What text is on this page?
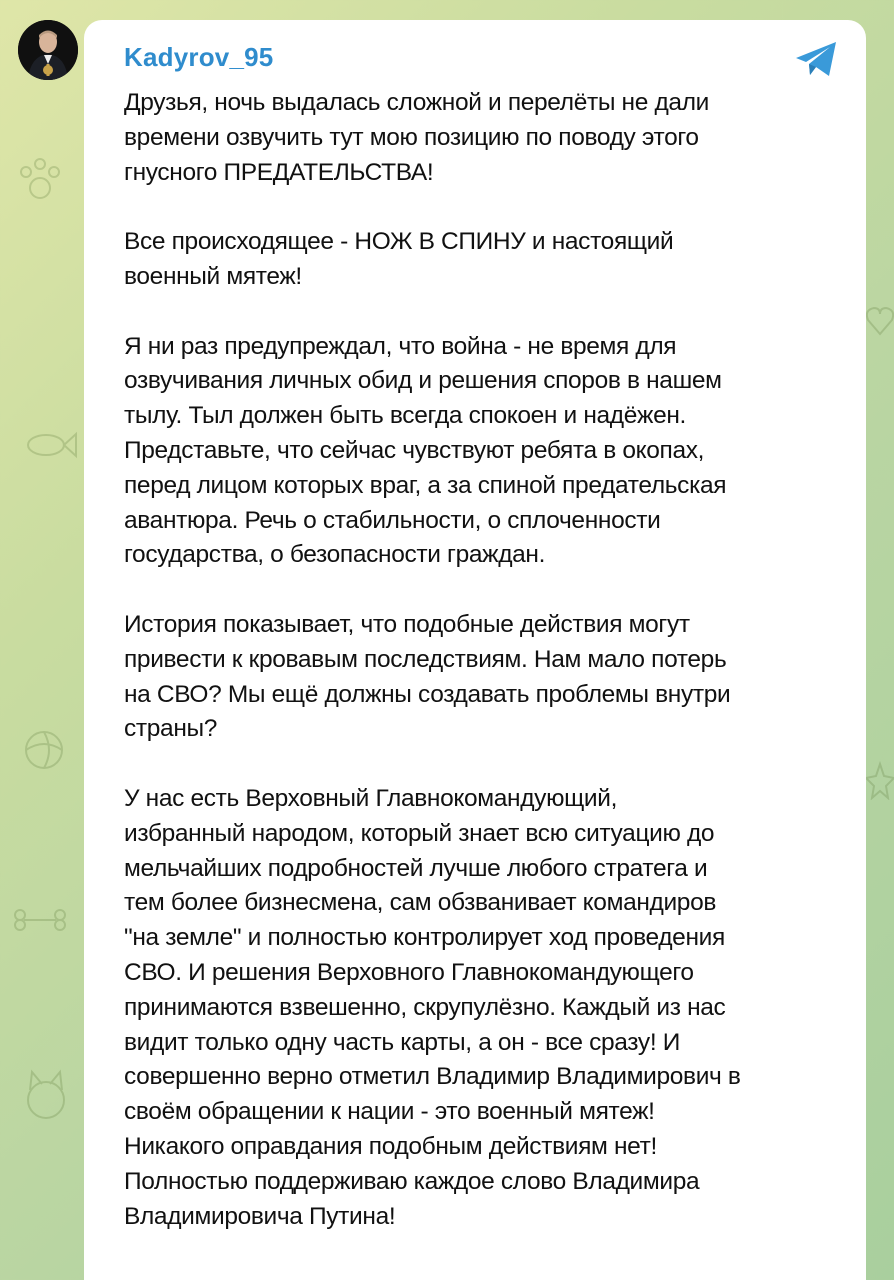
Kadyrov_95

Друзья, ночь выдалась сложной и перелёты не дали
времени озвучить тут мою позицию по поводу этого
гнусного ПРЕДАТЕЛЬСТВА!

Все происходящее - НОЖ В СПИНУ и настоящий
военный мятеж!

Я ни раз предупреждал, что война - не время для
озвучивания личных обид и решения споров в нашем
тылу. Тыл должен быть всегда спокоен и надёжен.
Представьте, что сейчас чувствуют ребята в окопах,
перед лицом которых враг, а за спиной предательская
авантюра. Речь о стабильности, о сплоченности
государства, о безопасности граждан.

История показывает, что подобные действия могут
привести к кровавым последствиям. Нам мало потерь
на СВО? Мы ещё должны создавать проблемы внутри
страны?

У нас есть Верховный Главнокомандующий,
избранный народом, который знает всю ситуацию до
мельчайших подробностей лучше любого стратега и
тем более бизнесмена, сам обзванивает командиров
"на земле" и полностью контролирует ход проведения
СВО. И решения Верховного Главнокомандующего
принимаются взвешенно, скрупулёзно. Каждый из нас
видит только одну часть карты, а он - все сразу! И
совершенно верно отметил Владимир Владимирович в
своём обращении к нации - это военный мятеж!
Никакого оправдания подобным действиям нет!
Полностью поддерживаю каждое слово Владимира
Владимировича Путина!
